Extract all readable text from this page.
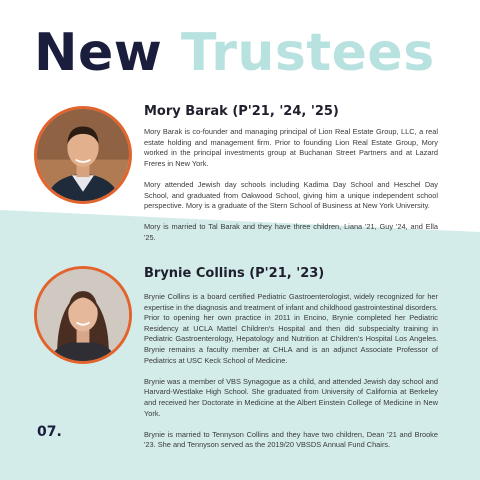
New Trustees
Mory Barak (P'21, '24, '25)

Mory Barak is co-founder and managing principal of Lion Real Estate Group, LLC, a real estate holding and management firm. Prior to founding Lion Real Estate Group, Mory worked in the principal investments group at Buchanan Street Partners and at Lazard Freres in New York.

Mory attended Jewish day schools including Kadima Day School and Heschel Day School, and graduated from Oakwood School, giving him a unique independent school perspective. Mory is a graduate of the Stern School of Business at New York University.

Mory is married to Tal Barak and they have three children, Liana '21, Guy '24, and Ella '25.

Brynie Collins (P'21, '23)

Brynie Collins is a board certified Pediatric Gastroenterologist, widely recognized for her expertise in the diagnosis and treatment of infant and childhood gastrointestinal disorders. Prior to opening her own practice in 2011 in Encino, Brynie completed her Pediatric Residency at UCLA Mattel Children's Hospital and then did subspecialty training in Pediatric Gastroenterology, Hepatology and Nutrition at Children's Hospital Los Angeles. Brynie remains a faculty member at CHLA and is an adjunct Associate Professor of Pediatrics at USC Keck School of Medicine.

Brynie was a member of VBS Synagogue as a child, and attended Jewish day school and Harvard-Westlake High School. She graduated from University of California at Berkeley and received her Doctorate in Medicine at the Albert Einstein College of Medicine in New York.

Brynie is married to Tennyson Collins and they have two children, Dean '21 and Brooke '23. She and Tennyson served as the 2019/20 VBSDS Annual Fund Chairs.

07.
